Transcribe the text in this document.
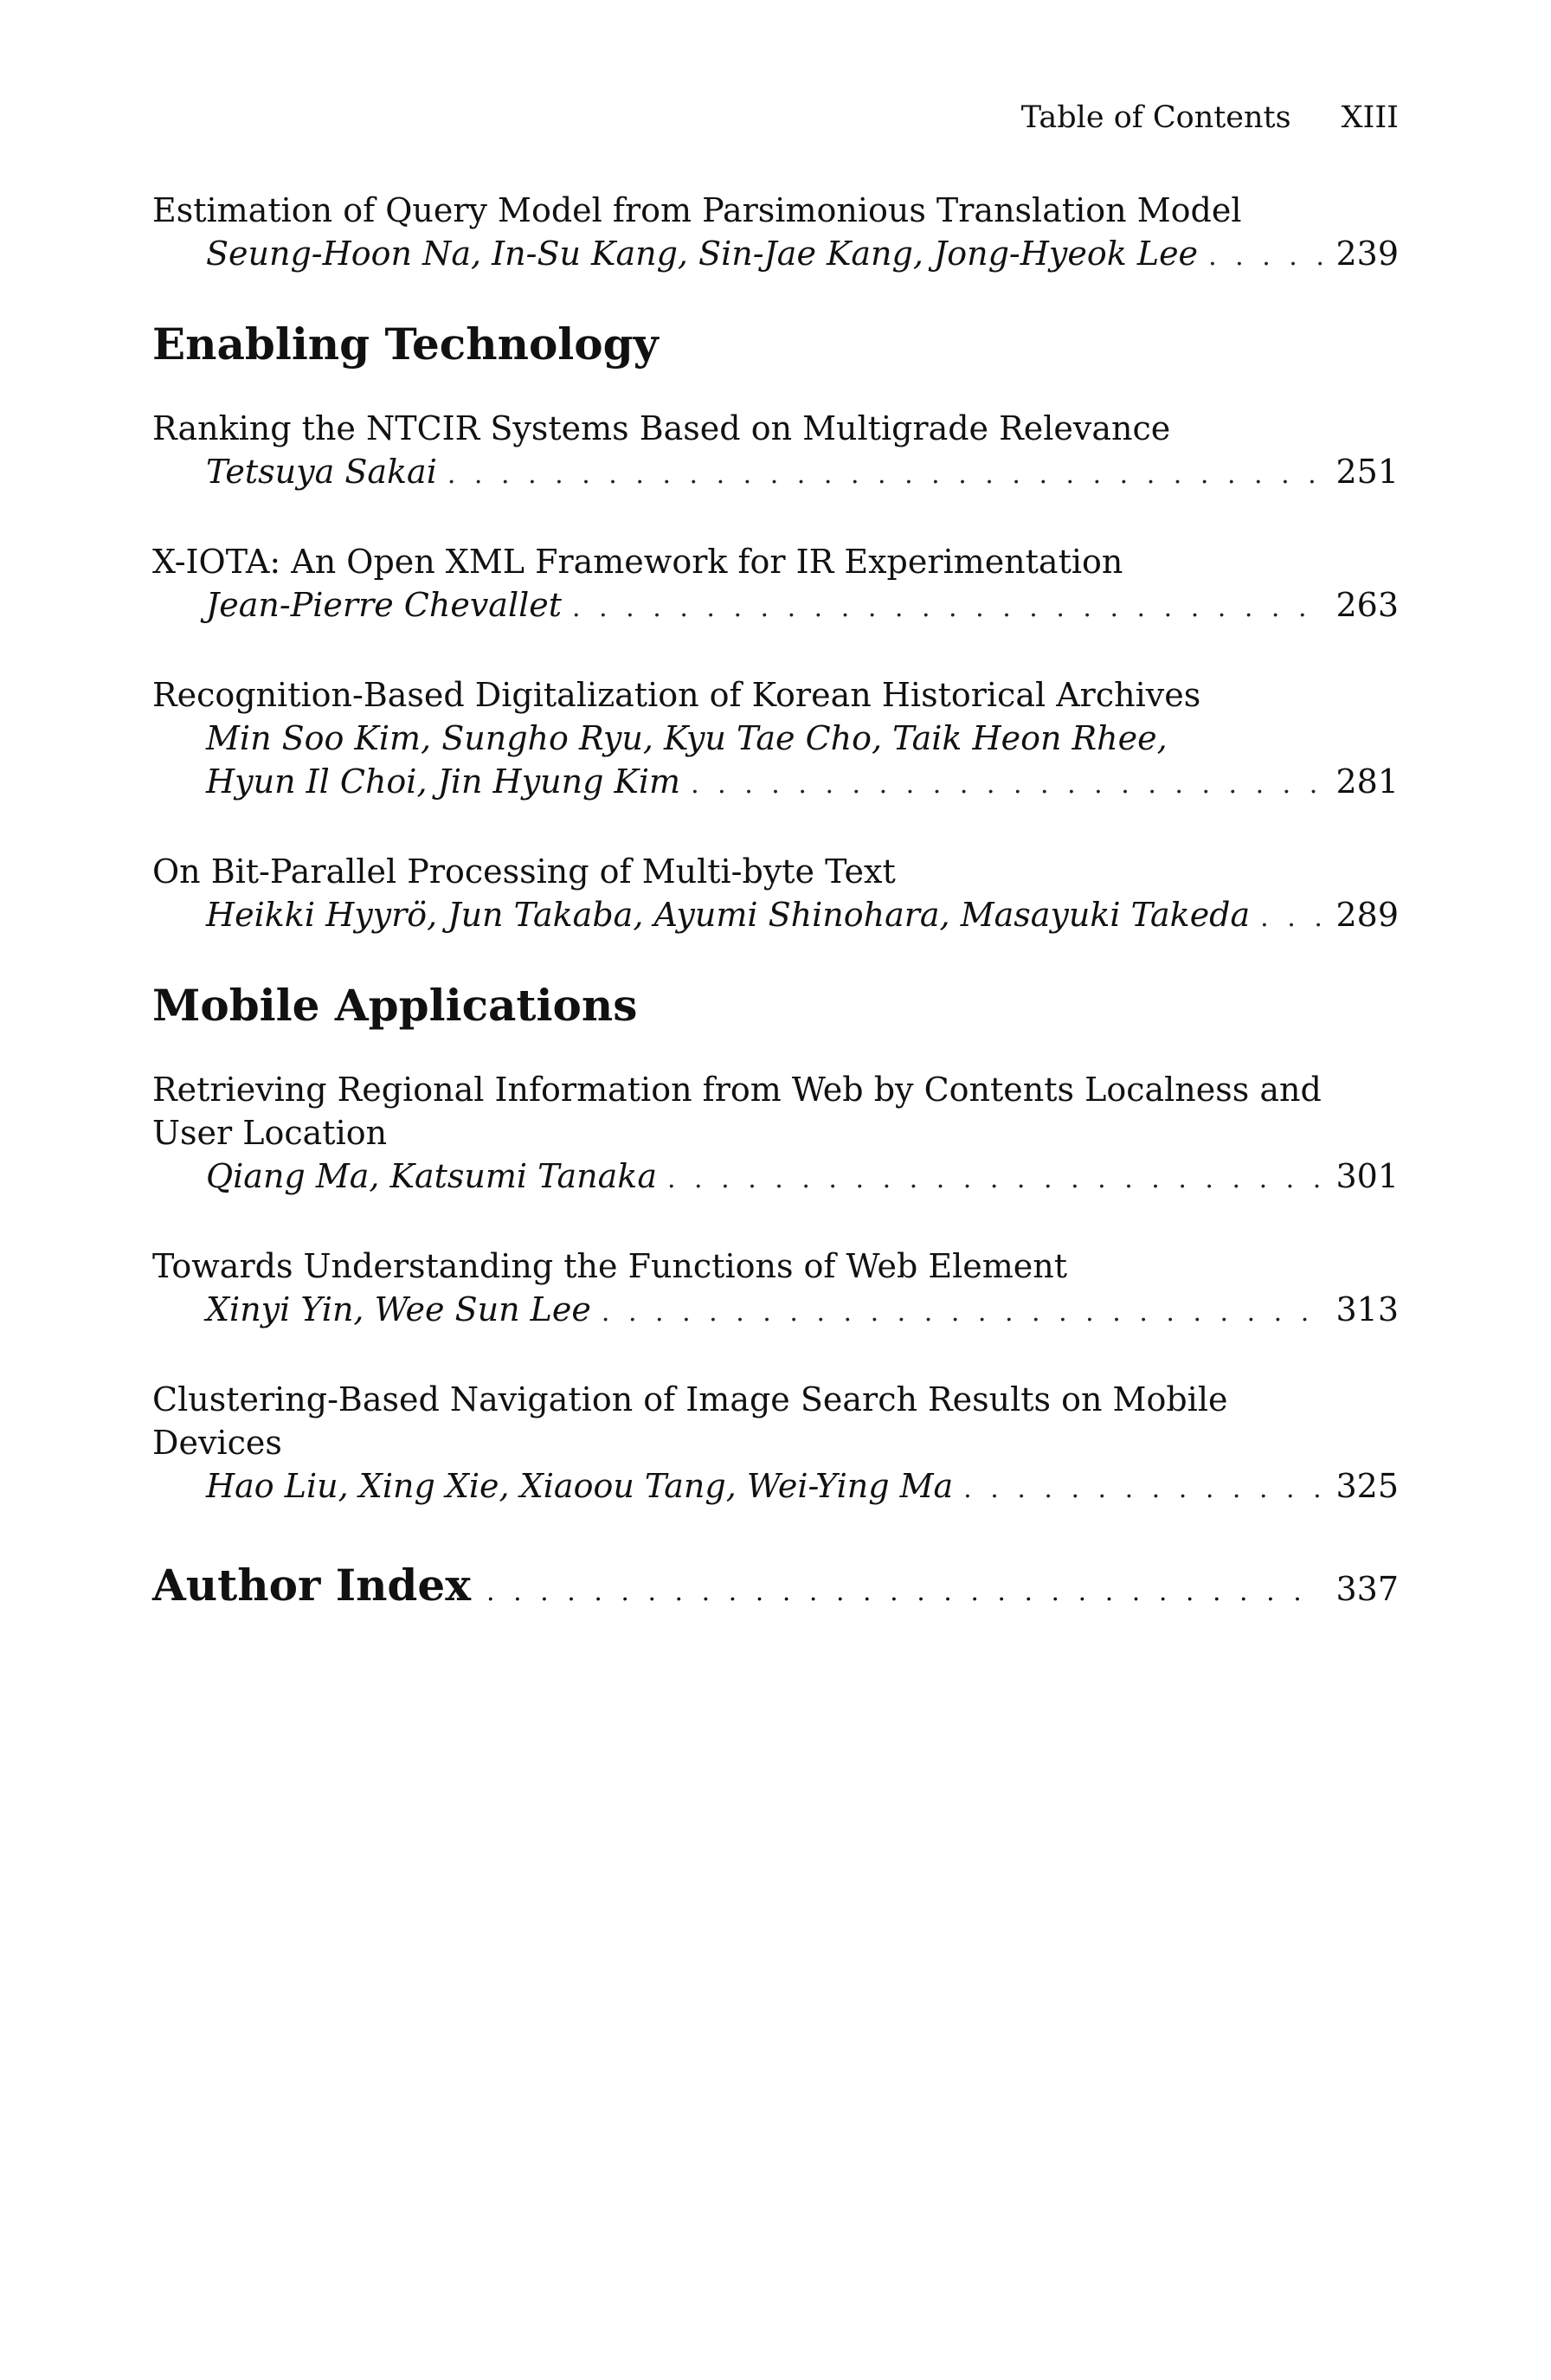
Table of Contents XIII
Estimation of Query Model from Parsimonious Translation Model
Seung-Hoon Na, In-Su Kang, Sin-Jae Kang, Jong-Hyeok Lee . . .	239
Enabling Technology
Ranking the NTCIR Systems Based on Multigrade Relevance
Tetsuya Sakai . . .	251
X-IOTA: An Open XML Framework for IR Experimentation
Jean-Pierre Chevallet . . .	263
Recognition-Based Digitalization of Korean Historical Archives
Min Soo Kim, Sungho Ryu, Kyu Tae Cho, Taik Heon Rhee,
Hyun Il Choi, Jin Hyung Kim . . .	281
On Bit-Parallel Processing of Multi-byte Text
Heikki Hyyrö, Jun Takaba, Ayumi Shinohara, Masayuki Takeda . . .	289
Mobile Applications
Retrieving Regional Information from Web by Contents Localness and User Location
Qiang Ma, Katsumi Tanaka . . .	301
Towards Understanding the Functions of Web Element
Xinyi Yin, Wee Sun Lee . . .	313
Clustering-Based Navigation of Image Search Results on Mobile Devices
Hao Liu, Xing Xie, Xiaoou Tang, Wei-Ying Ma . . .	325
Author Index . . .	337
